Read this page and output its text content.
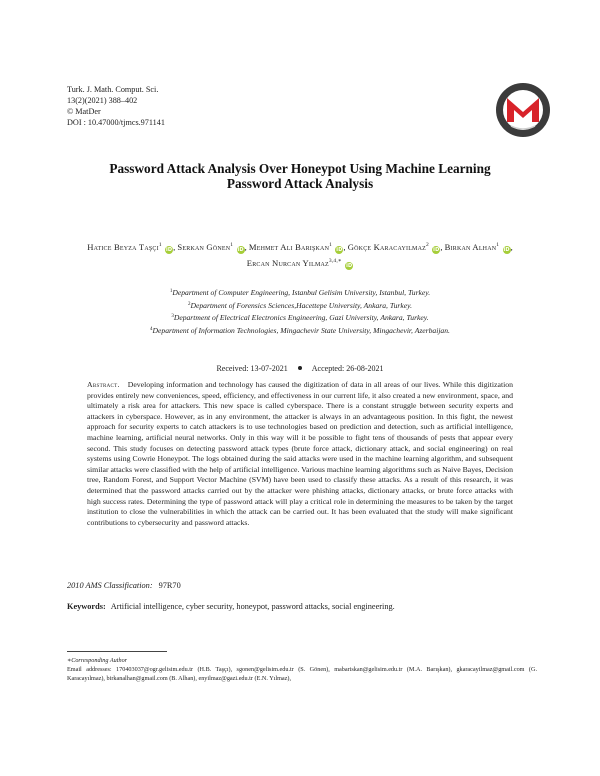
Turk. J. Math. Comput. Sci.
13(2)(2021) 388–402
© MatDer
DOI : 10.47000/tjmcs.971141
Password Attack Analysis Over Honeypot Using Machine Learning
Password Attack Analysis
Hatice Beyza Taşçı$^1$ iD, Serkan Gönen$^1$ iD, Mehmet Ali Barışkan$^1$ iD, Gökçe Karacayılmaz$^2$ iD, Birkan Alhan$^1$ iD,
Ercan Nurcan Yılmaz$^{3,4,∗}$ iD
$^1$Department of Computer Engineering, Istanbul Gelisim University, Istanbul, Turkey.
$^2$Department of Forensics Sciences,Hacettepe University, Ankara, Turkey.
$^3$Department of Electrical Electronics Engineering, Gazi University, Ankara, Turkey.
$^4$Department of Information Technologies, Mingachevir State University, Mingachevir, Azerbaijan.
Received: 13-07-2021	Accepted: 26-08-2021
Abstract. Developing information and technology has caused the digitization of data in all areas of our lives. While this digitization provides entirely new conveniences, speed, efficiency, and effectiveness in our current life, it also created a new environment, space, and ultimately a risk area for attackers. This new space is called cyberspace. There is a constant struggle between security experts and attackers in cyberspace. However, as in any environment, the attacker is always in an advantageous position. In this fight, the newest approach for security experts to catch attackers is to use technologies based on prediction and detection, such as artificial intelligence, machine learning, artificial neural networks. Only in this way will it be possible to fight tens of thousands of pests that appear every second. This study focuses on detecting password attack types (brute force attack, dictionary attack, and social engineering) on real systems using Cowrie Honeypot. The logs obtained during the said attacks were used in the machine learning algorithm, and subsequent similar attacks were classified with the help of artificial intelligence. Various machine learning algorithms such as Naive Bayes, Decision tree, Random Forest, and Support Vector Machine (SVM) have been used to classify these attacks. As a result of this research, it was determined that the password attacks carried out by the attacker were phishing attacks, dictionary attacks, or brute force attacks with high success rates. Determining the type of password attack will play a critical role in determining the measures to be taken by the target institution to close the vulnerabilities in which the attack can be carried out. It has been evaluated that the study will make significant contributions to cybersecurity and password attacks.
2010 AMS Classification: 97R70
Keywords: Artificial intelligence, cyber security, honeypot, password attacks, social engineering.
∗Corresponding Author
Email addresses: 170403037@ogr.gelisim.edu.tr (H.B. Taşçı), sgonen@gelisim.edu.tr (S. Gönen), mabariskan@gelisim.edu.tr (M.A. Barışkan), gkaracayilmaz@gmail.com (G. Karacayılmaz), birkanalhan@gmail.com (B. Alhan), enyilmaz@gazi.edu.tr (E.N. Yılmaz),
